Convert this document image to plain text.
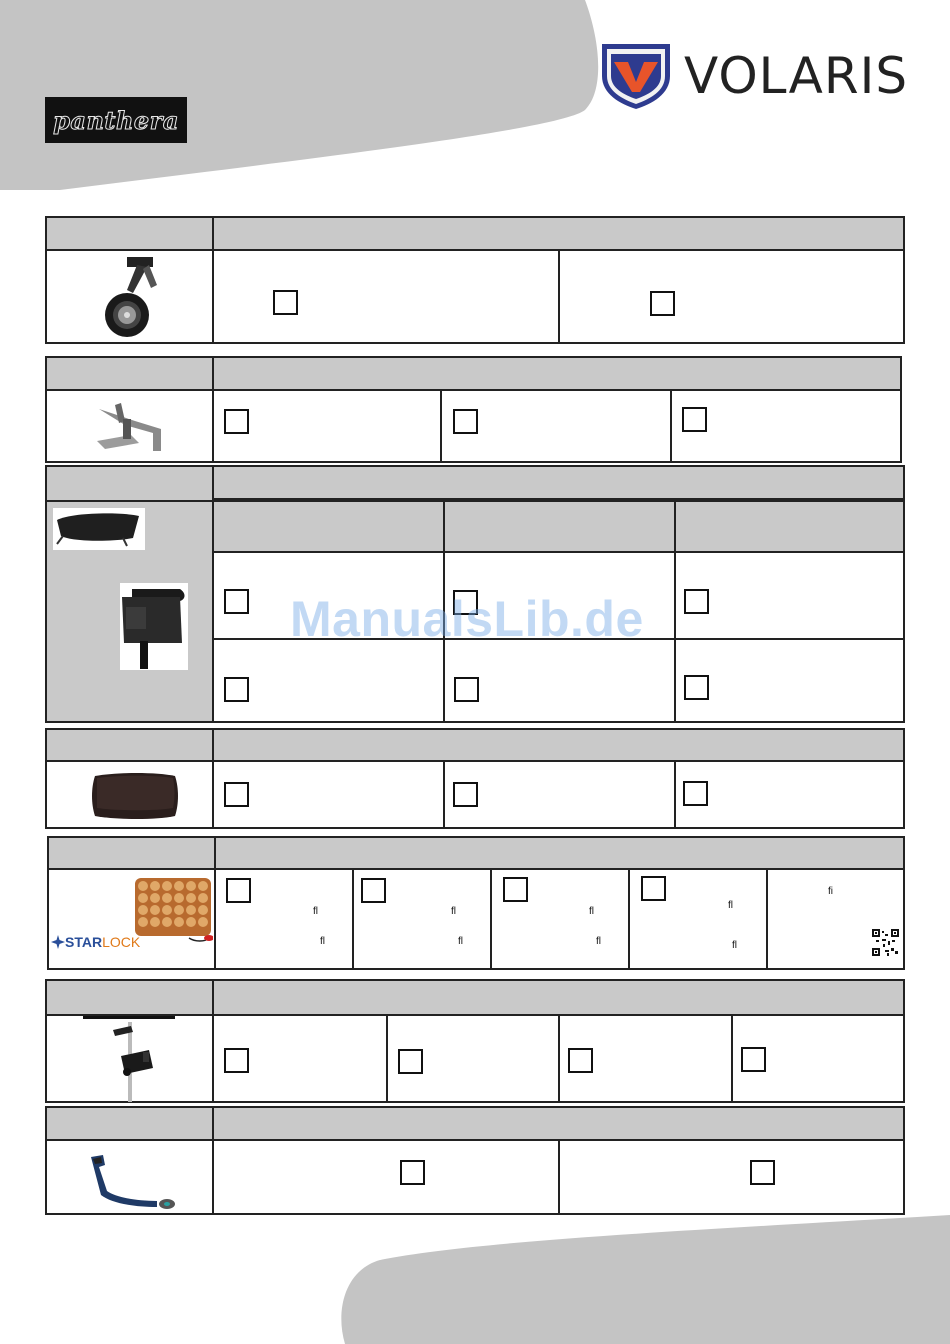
panthera
VOLARIS
STAR LOCK
fl
fl
fl
fl
fl
fl
fl
fl
fi
ManualsLib.de
